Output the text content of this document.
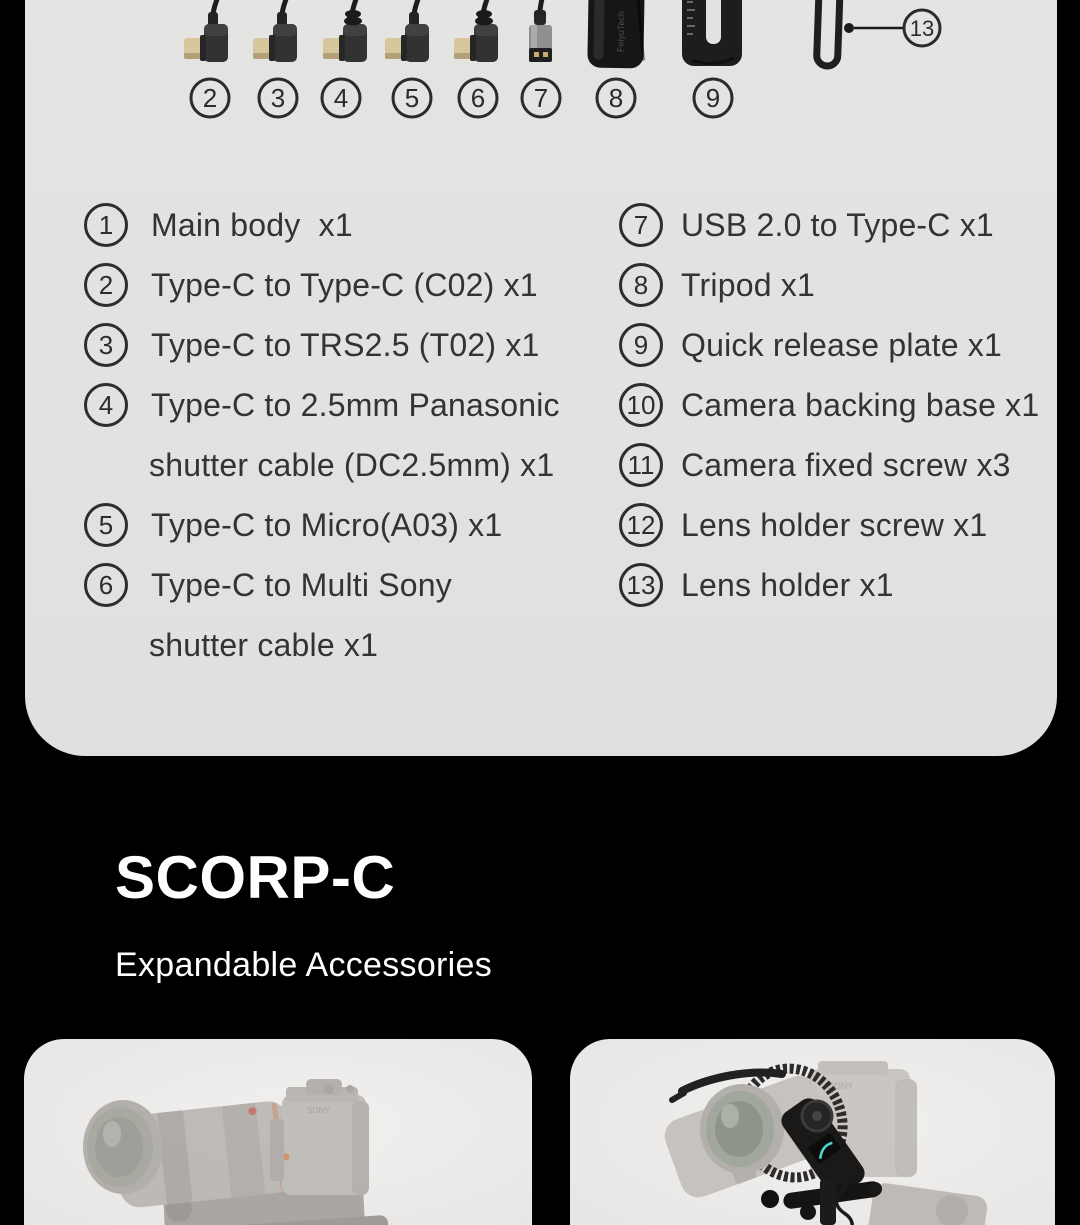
FeiyuTech	13
2 3 4 5 6 7 8	9
1	Main body  x1
2	Type-C to Type-C (C02) x1
3	Type-C to TRS2.5 (T02) x1
4	Type-C to 2.5mm Panasonic
shutter cable (DC2.5mm) x1
5	Type-C to Micro(A03) x1
6	Type-C to Multi Sony
shutter cable x1
7	USB 2.0 to Type-C x1
8	Tripod x1
9	Quick release plate x1
10 Camera backing base x1
11 Camera fixed screw x3
12 Lens holder screw x1
13 Lens holder x1
SCORP-C
Expandable Accessories
SONY
SONY
